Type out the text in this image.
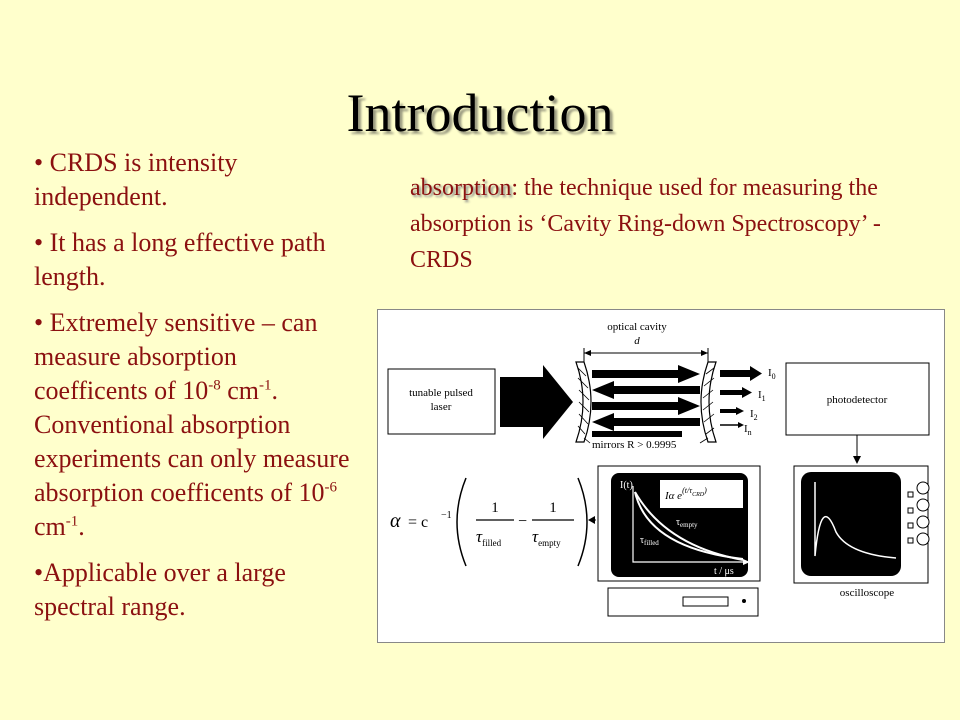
Introduction

• CRDS is intensity independent.

• It has a long effective path length.

• Extremely sensitive – can measure absorption coefficents of $10^{-8}$ $cm^{-1}$. Conventional absorption experiments can only measure absorption coefficents of $10^{-6}$ $cm^{-1}$.

•Applicable over a large spectral range.

absorption: the technique used for measuring the absorption is ‘Cavity Ring-down Spectroscopy’ - CRDS
tunable pulsed
laser
optical cavity
d
$I_0$
$I_1$
$I_2$
$I_n$
mirrors R > 0.9995
photodetector
I(t)
t / μs
Iα $e^{(t/\tau}_{CRD}^)$
$\tau_{empty}$
$\tau_{filled}$
oscilloscope
α = c −1	1
$\tau_{filled}$
−
1
$\tau_{empty}$
